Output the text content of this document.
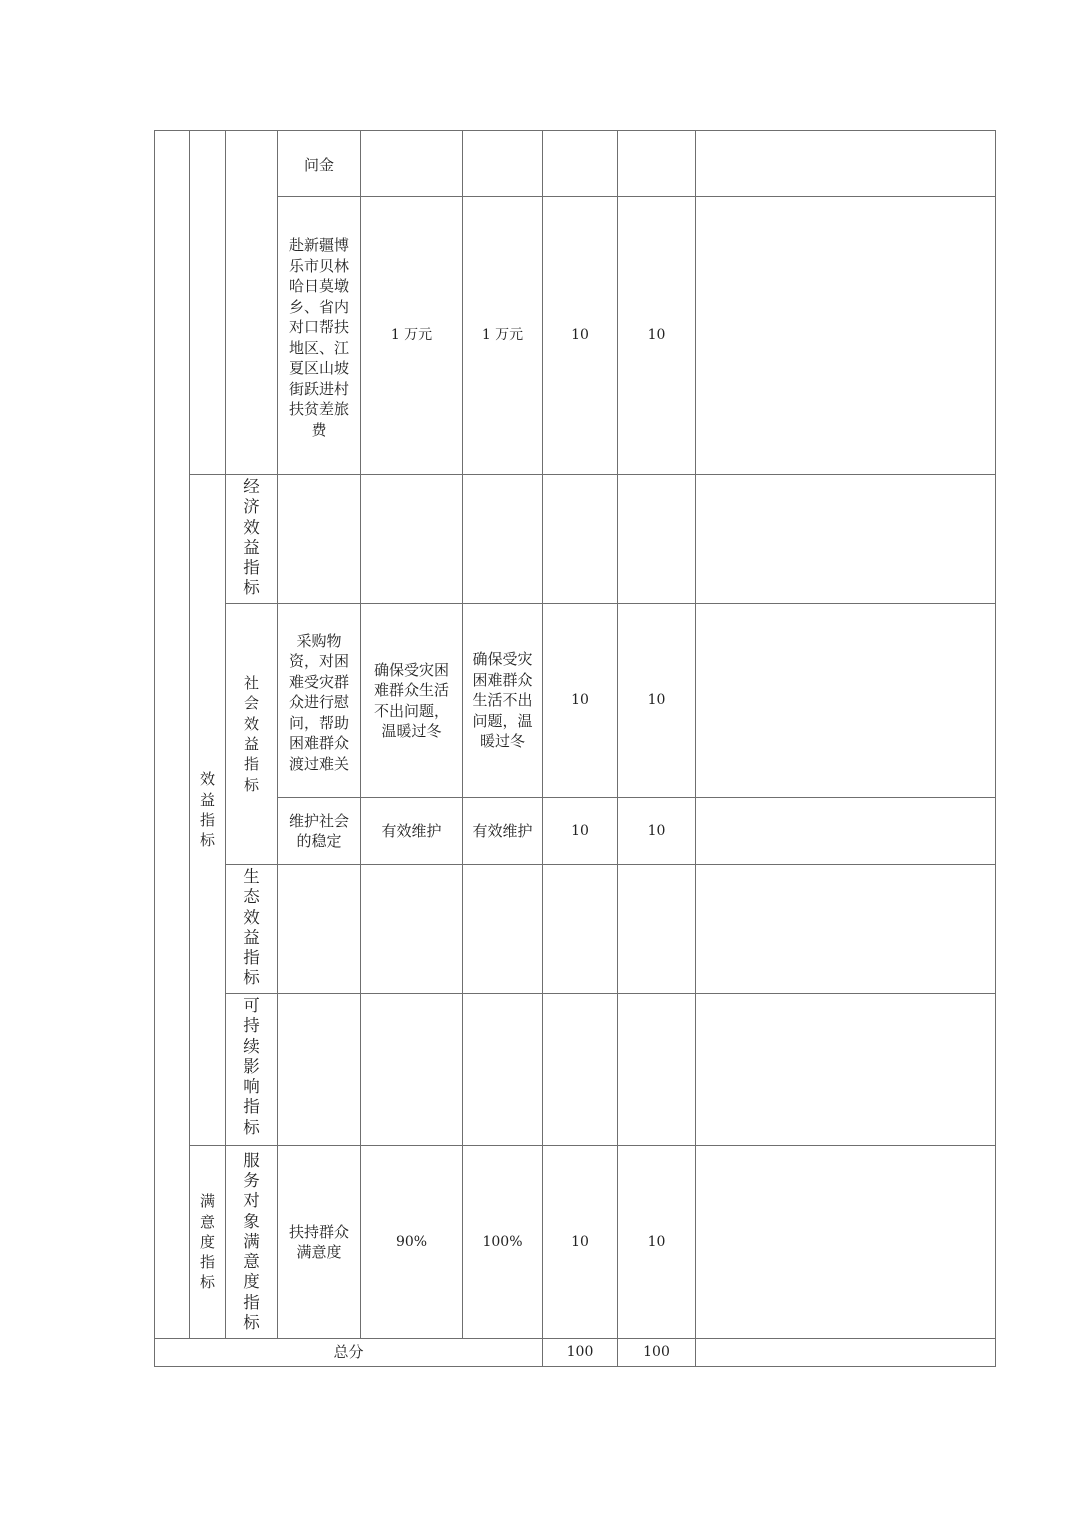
			问金					
			赴新疆博乐市贝林哈日莫墩乡、省内对口帮扶地区、江夏区山坡街跃进村扶贫差旅费	1 万元	1 万元	10	10	

	效益指标	经济效益指标						

		社会效益指标	采购物资，对困难受灾群众进行慰问，帮助困难群众渡过难关	确保受灾困难群众生活不出问题，温暖过冬	确保受灾困难群众生活不出问题，温暖过冬	10	10	
			维护社会的稳定	有效维护	有效维护	10	10	

		生态效益指标						

		可持续影响指标						

	满意度指标	服务对象满意度指标	扶持群众满意度	90%	100%	10	10	
总分						100	100	
